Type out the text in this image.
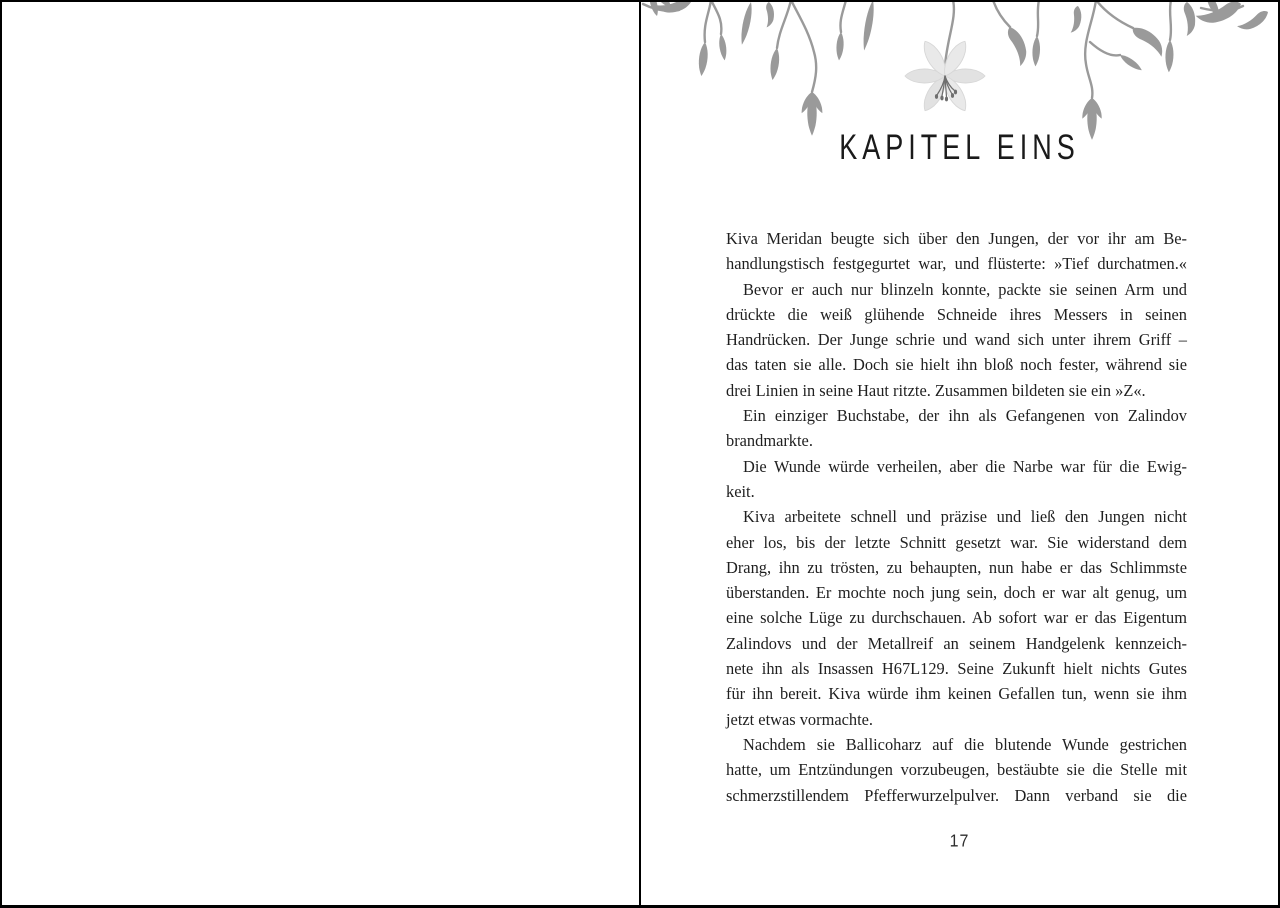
KAPITEL EINS
Kiva Meridan beugte sich über den Jungen, der vor ihr am Be-
handlungstisch festgegurtet war, und flüsterte: »Tief durchatmen.«
Bevor er auch nur blinzeln konnte, packte sie seinen Arm und
drückte die weiß glühende Schneide ihres Messers in seinen
Handrücken. Der Junge schrie und wand sich unter ihrem Griff –
das taten sie alle. Doch sie hielt ihn bloß noch fester, während sie
drei Linien in seine Haut ritzte. Zusammen bildeten sie ein »Z«.
Ein einziger Buchstabe, der ihn als Gefangenen von Zalindov
brandmarkte.
Die Wunde würde verheilen, aber die Narbe war für die Ewig-
keit.
Kiva arbeitete schnell und präzise und ließ den Jungen nicht
eher los, bis der letzte Schnitt gesetzt war. Sie widerstand dem
Drang, ihn zu trösten, zu behaupten, nun habe er das Schlimmste
überstanden. Er mochte noch jung sein, doch er war alt genug, um
eine solche Lüge zu durchschauen. Ab sofort war er das Eigentum
Zalindovs und der Metallreif an seinem Handgelenk kennzeich-
nete ihn als Insassen H67L129. Seine Zukunft hielt nichts Gutes
für ihn bereit. Kiva würde ihm keinen Gefallen tun, wenn sie ihm
jetzt etwas vormachte.
Nachdem sie Ballicoharz auf die blutende Wunde gestrichen
hatte, um Entzündungen vorzubeugen, bestäubte sie die Stelle mit
schmerzstillendem Pfefferwurzelpulver. Dann verband sie die
17
